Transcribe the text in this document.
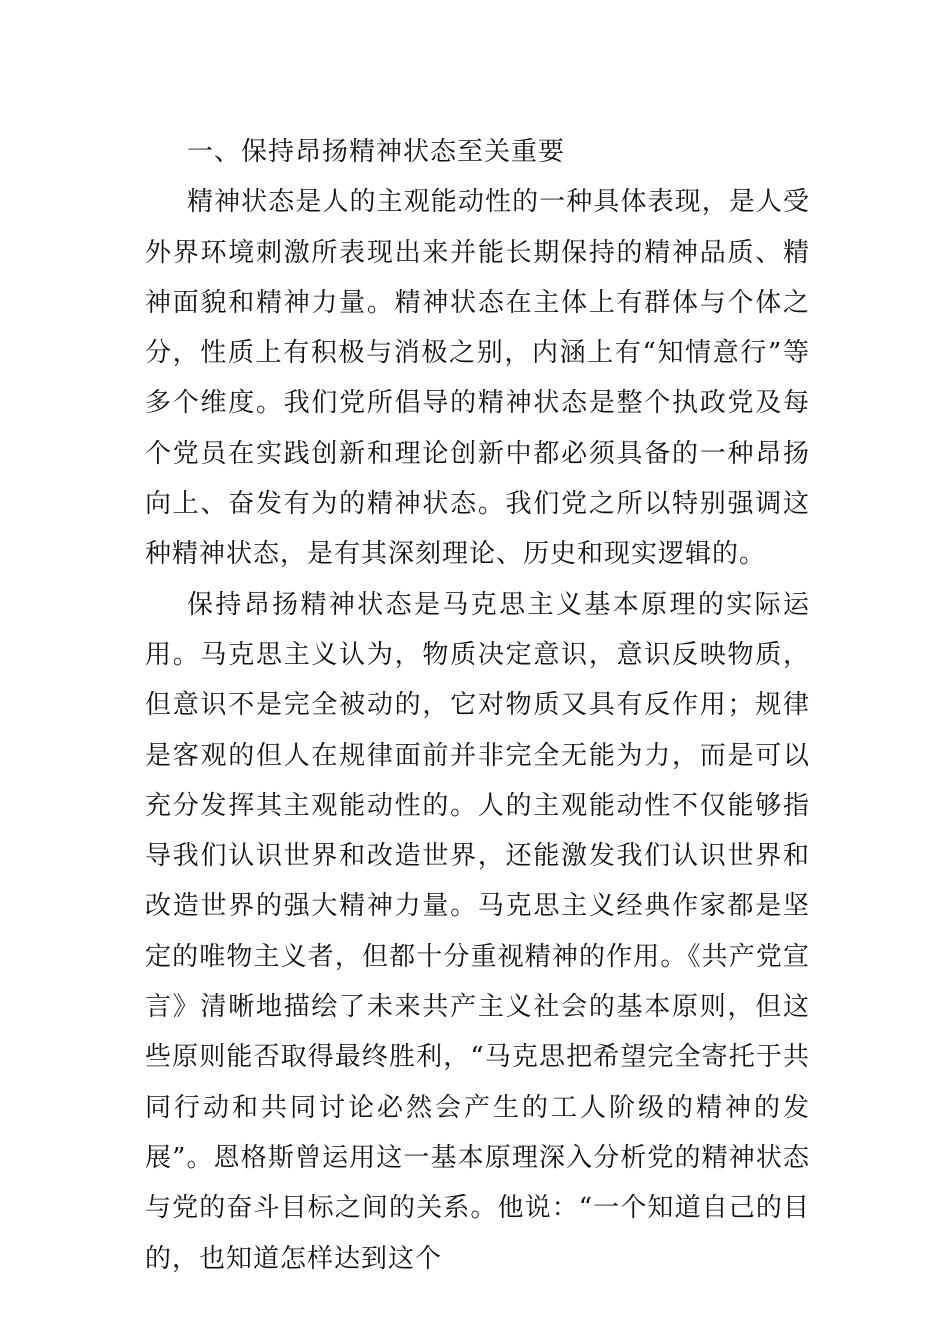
一、保持昂扬精神状态至关重要

精神状态是人的主观能动性的一种具体表现，是人受外界环境刺激所表现出来并能长期保持的精神品质、精神面貌和精神力量。精神状态在主体上有群体与个体之分，性质上有积极与消极之别，内涵上有“知情意行”等多个维度。我们党所倡导的精神状态是整个执政党及每个党员在实践创新和理论创新中都必须具备的一种昂扬向上、奋发有为的精神状态。我们党之所以特别强调这种精神状态，是有其深刻理论、历史和现实逻辑的。

保持昂扬精神状态是马克思主义基本原理的实际运用。马克思主义认为，物质决定意识，意识反映物质，但意识不是完全被动的，它对物质又具有反作用；规律是客观的但人在规律面前并非完全无能为力，而是可以充分发挥其主观能动性的。人的主观能动性不仅能够指导我们认识世界和改造世界，还能激发我们认识世界和改造世界的强大精神力量。马克思主义经典作家都是坚定的唯物主义者，但都十分重视精神的作用。《共产党宣言》清晰地描绘了未来共产主义社会的基本原则，但这些原则能否取得最终胜利，“马克思把希望完全寄托于共同行动和共同讨论必然会产生的工人阶级的精神的发展”。恩格斯曾运用这一基本原理深入分析党的精神状态与党的奋斗目标之间的关系。他说：“一个知道自己的目的，也知道怎样达到这个
